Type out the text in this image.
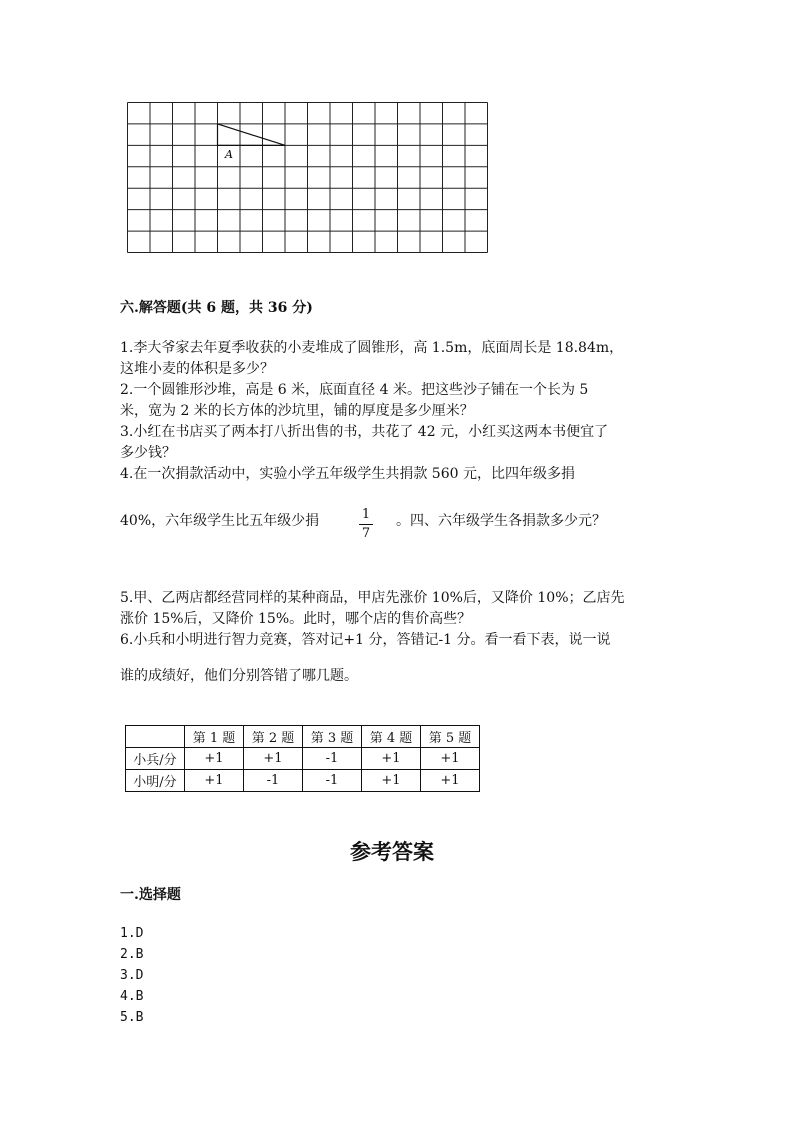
A
六.解答题(共 6 题，共 36 分)
1.李大爷家去年夏季收获的小麦堆成了圆锥形，高 1.5m，底面周长是 18.84m，
这堆小麦的体积是多少？
2.一个圆锥形沙堆，高是 6 米，底面直径 4 米。把这些沙子铺在一个长为 5
米，宽为 2 米的长方体的沙坑里，铺的厚度是多少厘米？
3.小红在书店买了两本打八折出售的书，共花了 42 元，小红买这两本书便宜了
多少钱？
4.在一次捐款活动中，实验小学五年级学生共捐款 560 元，比四年级多捐
40%，六年级学生比五年级少捐	1
7
。四、六年级学生各捐款多少元？
5.甲、乙两店都经营同样的某种商品，甲店先涨价 10%后，又降价 10%；乙店先
涨价 15%后，又降价 15%。此时，哪个店的售价高些？
6.小兵和小明进行智力竞赛，答对记+1 分，答错记-1 分。看一看下表，说一说
谁的成绩好，他们分别答错了哪几题。
	第 1 题	第 2 题	第 3 题	第 4 题	第 5 题
小兵/分	+1	+1	-1	+1	+1
小明/分	+1	-1	-1	+1	+1
参考答案
一.选择题
1.D
2.B
3.D
4.B
5.B
